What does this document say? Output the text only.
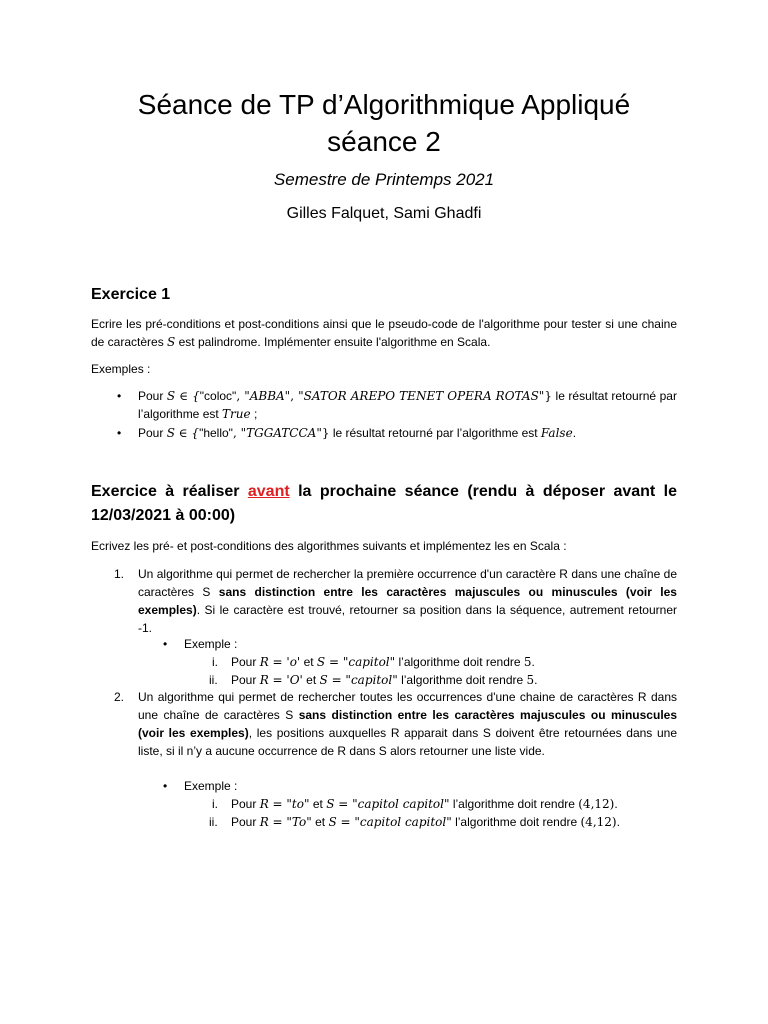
Séance de TP d’Algorithmique Appliqué
séance 2
Semestre de Printemps 2021
Gilles Falquet, Sami Ghadfi
Exercice 1
Ecrire les pré-conditions et post-conditions ainsi que le pseudo-code de l'algorithme pour tester si une chaine de caractères S est palindrome. Implémenter ensuite l'algorithme en Scala.
Exemples :
• Pour S ∈ {"coloc", "ABBA", "SATOR AREPO TENET OPERA ROTAS"} le résultat retourné par l’algorithme est True ;
• Pour S ∈ {"hello", "TGGATCCA"} le résultat retourné par l’algorithme est False.
Exercice à réaliser avant la prochaine séance (rendu à déposer avant le
12/03/2021 à 00:00)
Ecrivez les pré- et post-conditions des algorithmes suivants et implémentez les en Scala :
1. Un algorithme qui permet de rechercher la première occurrence d'un caractère R dans une chaîne de caractères S sans distinction entre les caractères majuscules ou minuscules (voir les exemples). Si le caractère est trouvé, retourner sa position dans la séquence, autrement retourner -1.
• Exemple :
i. Pour R = 'o' et S = "capitol" l’algorithme doit rendre 5.
ii. Pour R = 'O' et S = "capitol" l’algorithme doit rendre 5.
2. Un algorithme qui permet de rechercher toutes les occurrences d'une chaine de caractères R dans une chaîne de caractères S sans distinction entre les caractères majuscules ou minuscules (voir les exemples), les positions auxquelles R apparait dans S doivent être retournées dans une liste, si il n’y a aucune occurrence de R dans S alors retourner une liste vide.
• Exemple :
i. Pour R = "to" et S = "capitol capitol" l’algorithme doit rendre (4,12).
ii. Pour R = "To" et S = "capitol capitol" l’algorithme doit rendre (4,12).
